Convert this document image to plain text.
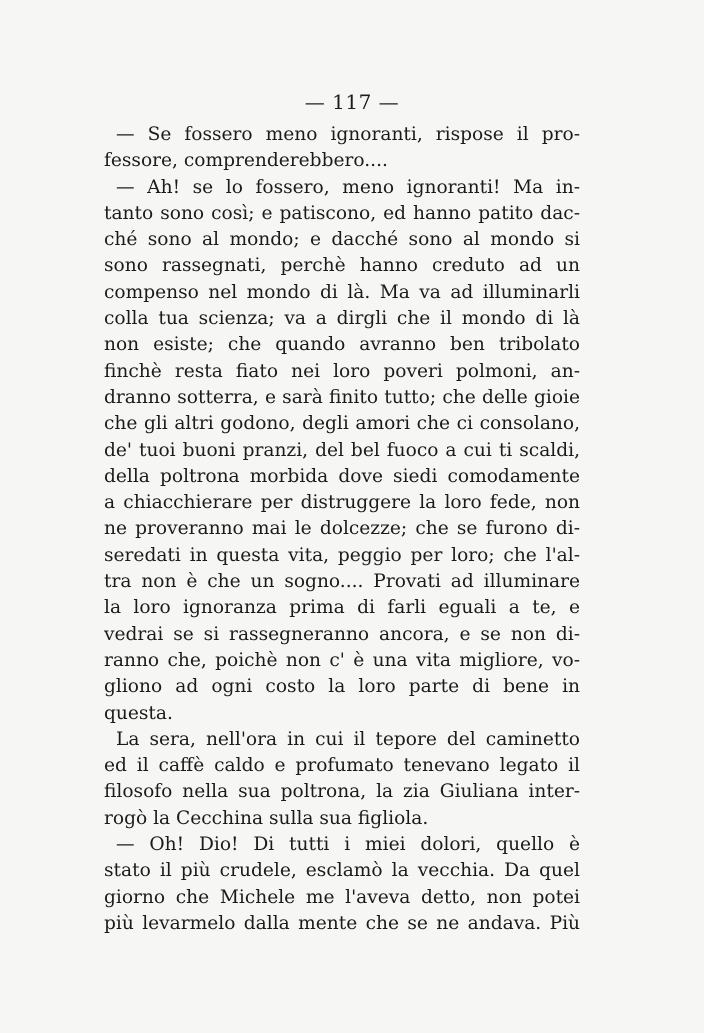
— 117 —
— Se fossero meno ignoranti, rispose il pro-
fessore, comprenderebbero....
— Ah! se lo fossero, meno ignoranti! Ma in-
tanto sono così; e patiscono, ed hanno patito dac-
ché sono al mondo; e dacché sono al mondo si
sono rassegnati, perchè hanno creduto ad un
compenso nel mondo di là. Ma va ad illuminarli
colla tua scienza; va a dirgli che il mondo di là
non esiste; che quando avranno ben tribolato
finchè resta fiato nei loro poveri polmoni, an-
dranno sotterra, e sarà finito tutto; che delle gioie
che gli altri godono, degli amori che ci consolano,
de' tuoi buoni pranzi, del bel fuoco a cui ti scaldi,
della poltrona morbida dove siedi comodamente
a chiacchierare per distruggere la loro fede, non
ne proveranno mai le dolcezze; che se furono di-
seredati in questa vita, peggio per loro; che l'al-
tra non è che un sogno.... Provati ad illuminare
la loro ignoranza prima di farli eguali a te, e
vedrai se si rassegneranno ancora, e se non di-
ranno che, poichè non c' è una vita migliore, vo-
gliono ad ogni costo la loro parte di bene in
questa.
La sera, nell'ora in cui il tepore del caminetto
ed il caffè caldo e profumato tenevano legato il
filosofo nella sua poltrona, la zia Giuliana inter-
rogò la Cecchina sulla sua figliola.
— Oh! Dio! Di tutti i miei dolori, quello è
stato il più crudele, esclamò la vecchia. Da quel
giorno che Michele me l'aveva detto, non potei
più levarmelo dalla mente che se ne andava. Più
